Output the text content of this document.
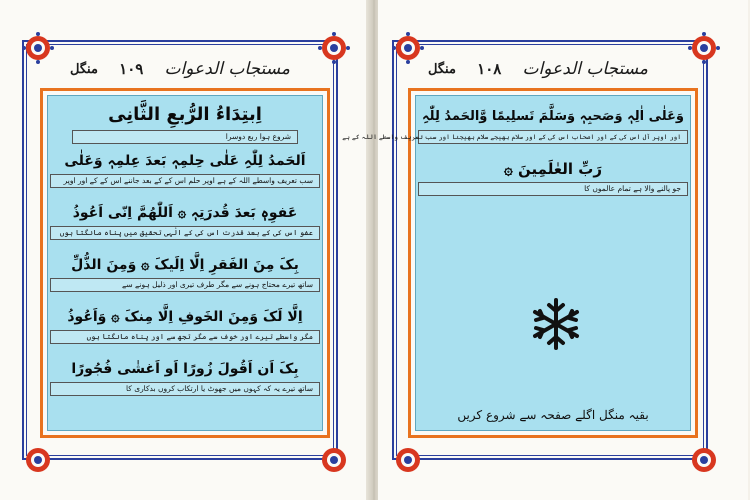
مستجاب الدعوات
۱۰۹
منگل
اِبتِدَاءُ الرُّبعِ الثَّانِی
شروع ہوا ربع دوسرا
اَلحَمدُ لِلّٰہِ عَلٰی حِلمِہٖ بَعدَ عِلمِہٖ وَعَلٰی
سب تعریف واسطے اللہ کے ہے اوپر حلم اس کے کے بعد جاننے اس کے کے اور اوپر
عَفوِہٖ بَعدَ قُدرَتِہٖ ۞ اَللّٰھُمَّ اِنّی اَعُوذُ
عفو اس کی کے بعد قدرت اس کی کے الٰہی تحقیق میں پناہ مانگتا ہوں
بِکَ مِنَ الفَقرِ اِلَّا اِلَیکَ ۞ وَمِنَ الذُّلِّ
ساتھ تیرے محتاج ہونے سے مگر طرف تیری اور ذلیل ہونے سے
اِلَّا لَکَ وَمِنَ الخَوفِ اِلَّا مِنکَ ۞ وَاَعُوذُ
مگر واسطے تیرے اور خوف سے مگر تجھ سے اور پناہ مانگتا ہوں
بِکَ اَن اَقُولَ زُورًا اَو اَغشٰی فُجُورًا
ساتھ تیرے یہ کہ کہوں میں جھوٹ یا ارتکاب کروں بدکاری کا
مستجاب الدعوات
۱۰۸
منگل
وَعَلٰی اٰلِہٖ وَصَحبِہٖ وَسَلَّمَ تَسلِیمًا وَّالحَمدُ لِلّٰہِ
اور اوپر آل اس کی کے اور اصحاب اس کی کے اور سلام بھیجے سلام بھیجنا اور سب تعریف واسطے اللہ کے ہے
رَبِّ العٰلَمِینَ ۞
جو پالنے والا ہے تمام عالموں کا
بقیہ منگل اگلے صفحہ سے شروع کریں
